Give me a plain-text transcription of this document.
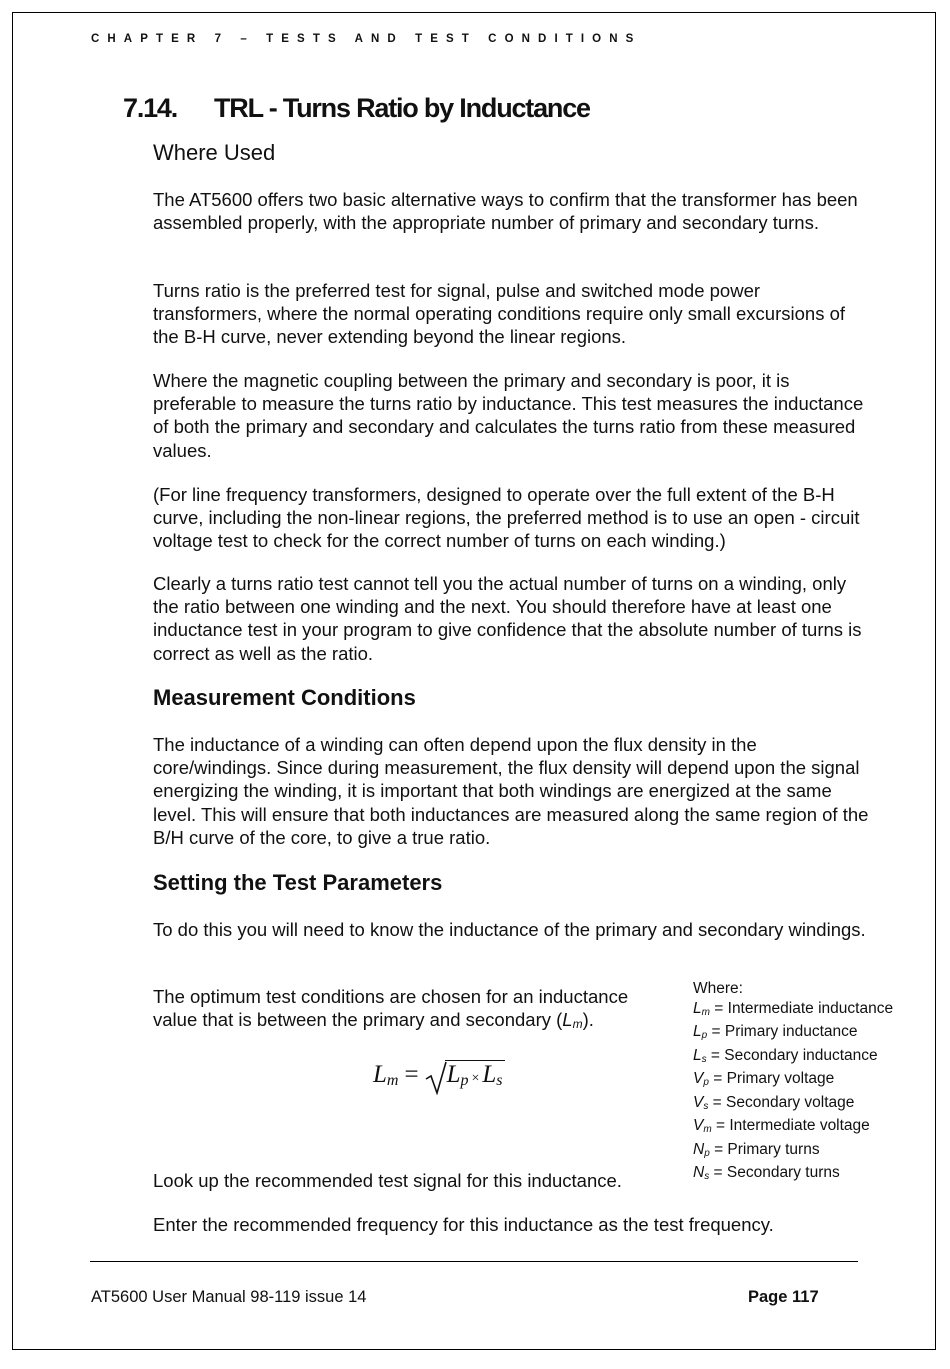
CHAPTER 7 – TESTS AND TEST CONDITIONS
7.14. TRL - Turns Ratio by Inductance
Where Used

The AT5600 offers two basic alternative ways to confirm that the transformer has been assembled properly, with the appropriate number of primary and secondary turns.

Turns ratio is the preferred test for signal, pulse and switched mode power transformers, where the normal operating conditions require only small excursions of the B-H curve, never extending beyond the linear regions.

Where the magnetic coupling between the primary and secondary is poor, it is preferable to measure the turns ratio by inductance. This test measures the inductance of both the primary and secondary and calculates the turns ratio from these measured values.

(For line frequency transformers, designed to operate over the full extent of the B-H curve, including the non-linear regions, the preferred method is to use an open - circuit voltage test to check for the correct number of turns on each winding.)

Clearly a turns ratio test cannot tell you the actual number of turns on a winding, only the ratio between one winding and the next. You should therefore have at least one inductance test in your program to give confidence that the absolute number of turns is correct as well as the ratio.

Measurement Conditions

The inductance of a winding can often depend upon the flux density in the core/windings. Since during measurement, the flux density will depend upon the signal energizing the winding, it is important that both windings are energized at the same level. This will ensure that both inductances are measured along the same region of the B/H curve of the core, to give a true ratio.

Setting the Test Parameters

To do this you will need to know the inductance of the primary and secondary windings.

The optimum test conditions are chosen for an inductance value that is between the primary and secondary $(L_m)$.

$L_m = L_p \times L_s$
Where:
$L_m$ = Intermediate inductance
$L_p$ = Primary inductance
$L_s$ = Secondary inductance
$V_p$ = Primary voltage
$V_s$ = Secondary voltage
$V_m$ = Intermediate voltage
$N_p$ = Primary turns
$N_s$ = Secondary turns

Look up the recommended test signal for this inductance.

Enter the recommended frequency for this inductance as the test frequency.

AT5600 User Manual 98-119 issue 14	Page 117
